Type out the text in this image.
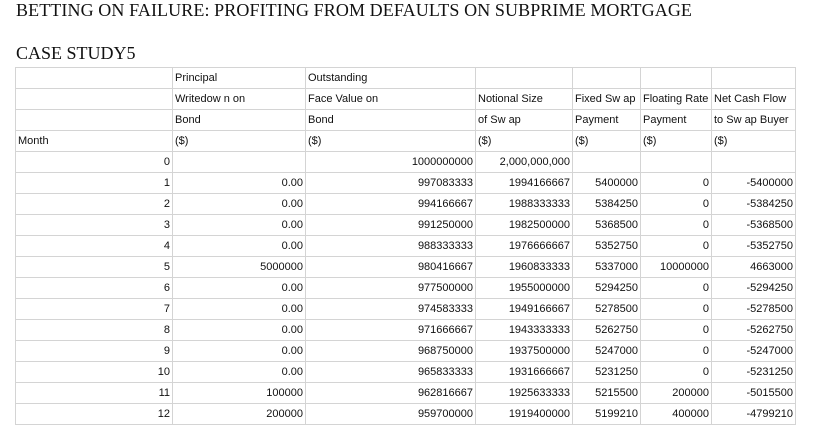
BETTING ON FAILURE: PROFITING FROM DEFAULTS ON SUBPRIME MORTGAGE
CASE STUDY5
	Principal	Outstanding				
	Writedow n on	Face Value on	Notional Size	Fixed Sw ap	Floating Rate	Net Cash Flow
	Bond	Bond	of Sw ap	Payment	Payment	to Sw ap Buyer
Month	($)	($)	($)	($)	($)	($)
0		1000000000	2,000,000,000			
1	0.00	997083333	1994166667	5400000	0	-5400000
2	0.00	994166667	1988333333	5384250	0	-5384250
3	0.00	991250000	1982500000	5368500	0	-5368500
4	0.00	988333333	1976666667	5352750	0	-5352750
5	5000000	980416667	1960833333	5337000	10000000	4663000
6	0.00	977500000	1955000000	5294250	0	-5294250
7	0.00	974583333	1949166667	5278500	0	-5278500
8	0.00	971666667	1943333333	5262750	0	-5262750
9	0.00	968750000	1937500000	5247000	0	-5247000
10	0.00	965833333	1931666667	5231250	0	-5231250
11	100000	962816667	1925633333	5215500	200000	-5015500
12	200000	959700000	1919400000	5199210	400000	-4799210
